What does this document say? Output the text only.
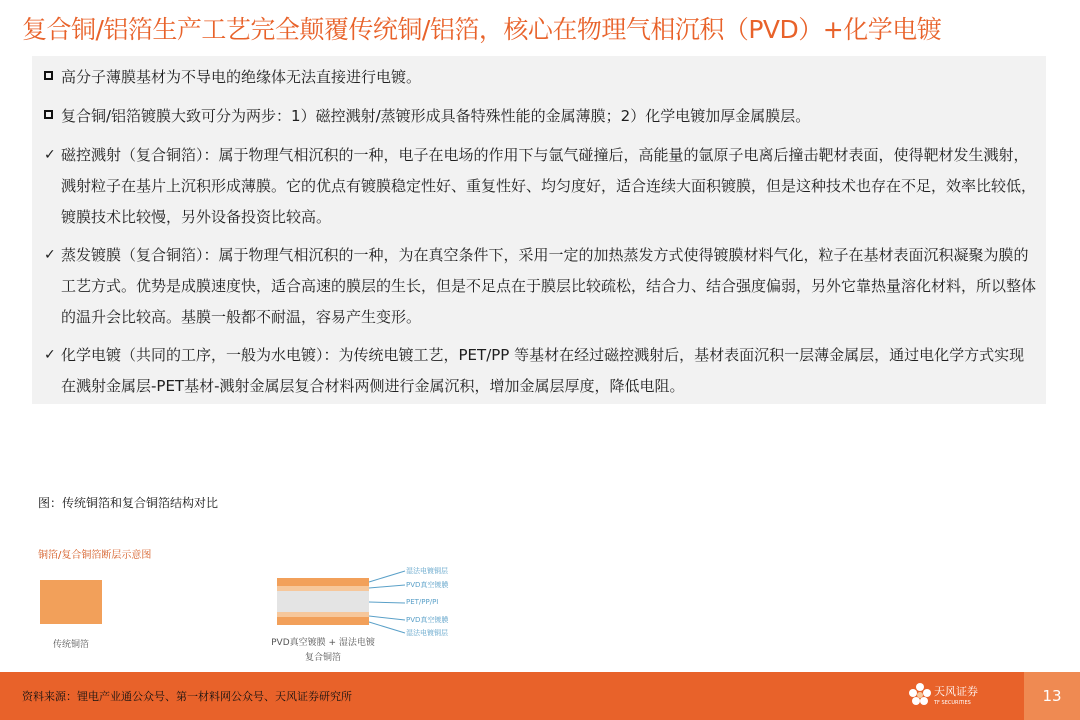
复合铜/铝箔生产工艺完全颠覆传统铜/铝箔，核心在物理气相沉积（PVD）+化学电镀
高分子薄膜基材为不导电的绝缘体无法直接进行电镀。
复合铜/铝箔镀膜大致可分为两步：1）磁控溅射/蒸镀形成具备特殊性能的金属薄膜；2）化学电镀加厚金属膜层。
✓ 磁控溅射（复合铜箔）：属于物理气相沉积的一种，电子在电场的作用下与氩气碰撞后，高能量的氩原子电离后撞击靶材表面，使得靶材发生溅射，溅射粒子在基片上沉积形成薄膜。它的优点有镀膜稳定性好、重复性好、均匀度好，适合连续大面积镀膜，但是这种技术也存在不足，效率比较低，镀膜技术比较慢，另外设备投资比较高。
✓ 蒸发镀膜（复合铜箔）：属于物理气相沉积的一种，为在真空条件下，采用一定的加热蒸发方式使得镀膜材料气化，粒子在基材表面沉积凝聚为膜的工艺方式。优势是成膜速度快，适合高速的膜层的生长，但是不足点在于膜层比较疏松，结合力、结合强度偏弱，另外它靠热量溶化材料，所以整体的温升会比较高。基膜一般都不耐温，容易产生变形。
✓ 化学电镀（共同的工序，一般为水电镀）：为传统电镀工艺，PET/PP 等基材在经过磁控溅射后，基材表面沉积一层薄金属层，通过电化学方式实现在溅射金属层-PET基材-溅射金属层复合材料两侧进行金属沉积，增加金属层厚度，降低电阻。
图：传统铜箔和复合铜箔结构对比
铜箔/复合铜箔断层示意图
传统铜箔	PVD真空镀膜 + 湿法电镀
复合铜箔
湿法电镀铜层
PVD真空镀膜
PET/PP/PI
PVD真空镀膜
湿法电镀铜层
资料来源：锂电产业通公众号、第一材料网公众号、天风证券研究所	天风证券
TF SECURITIES	13
